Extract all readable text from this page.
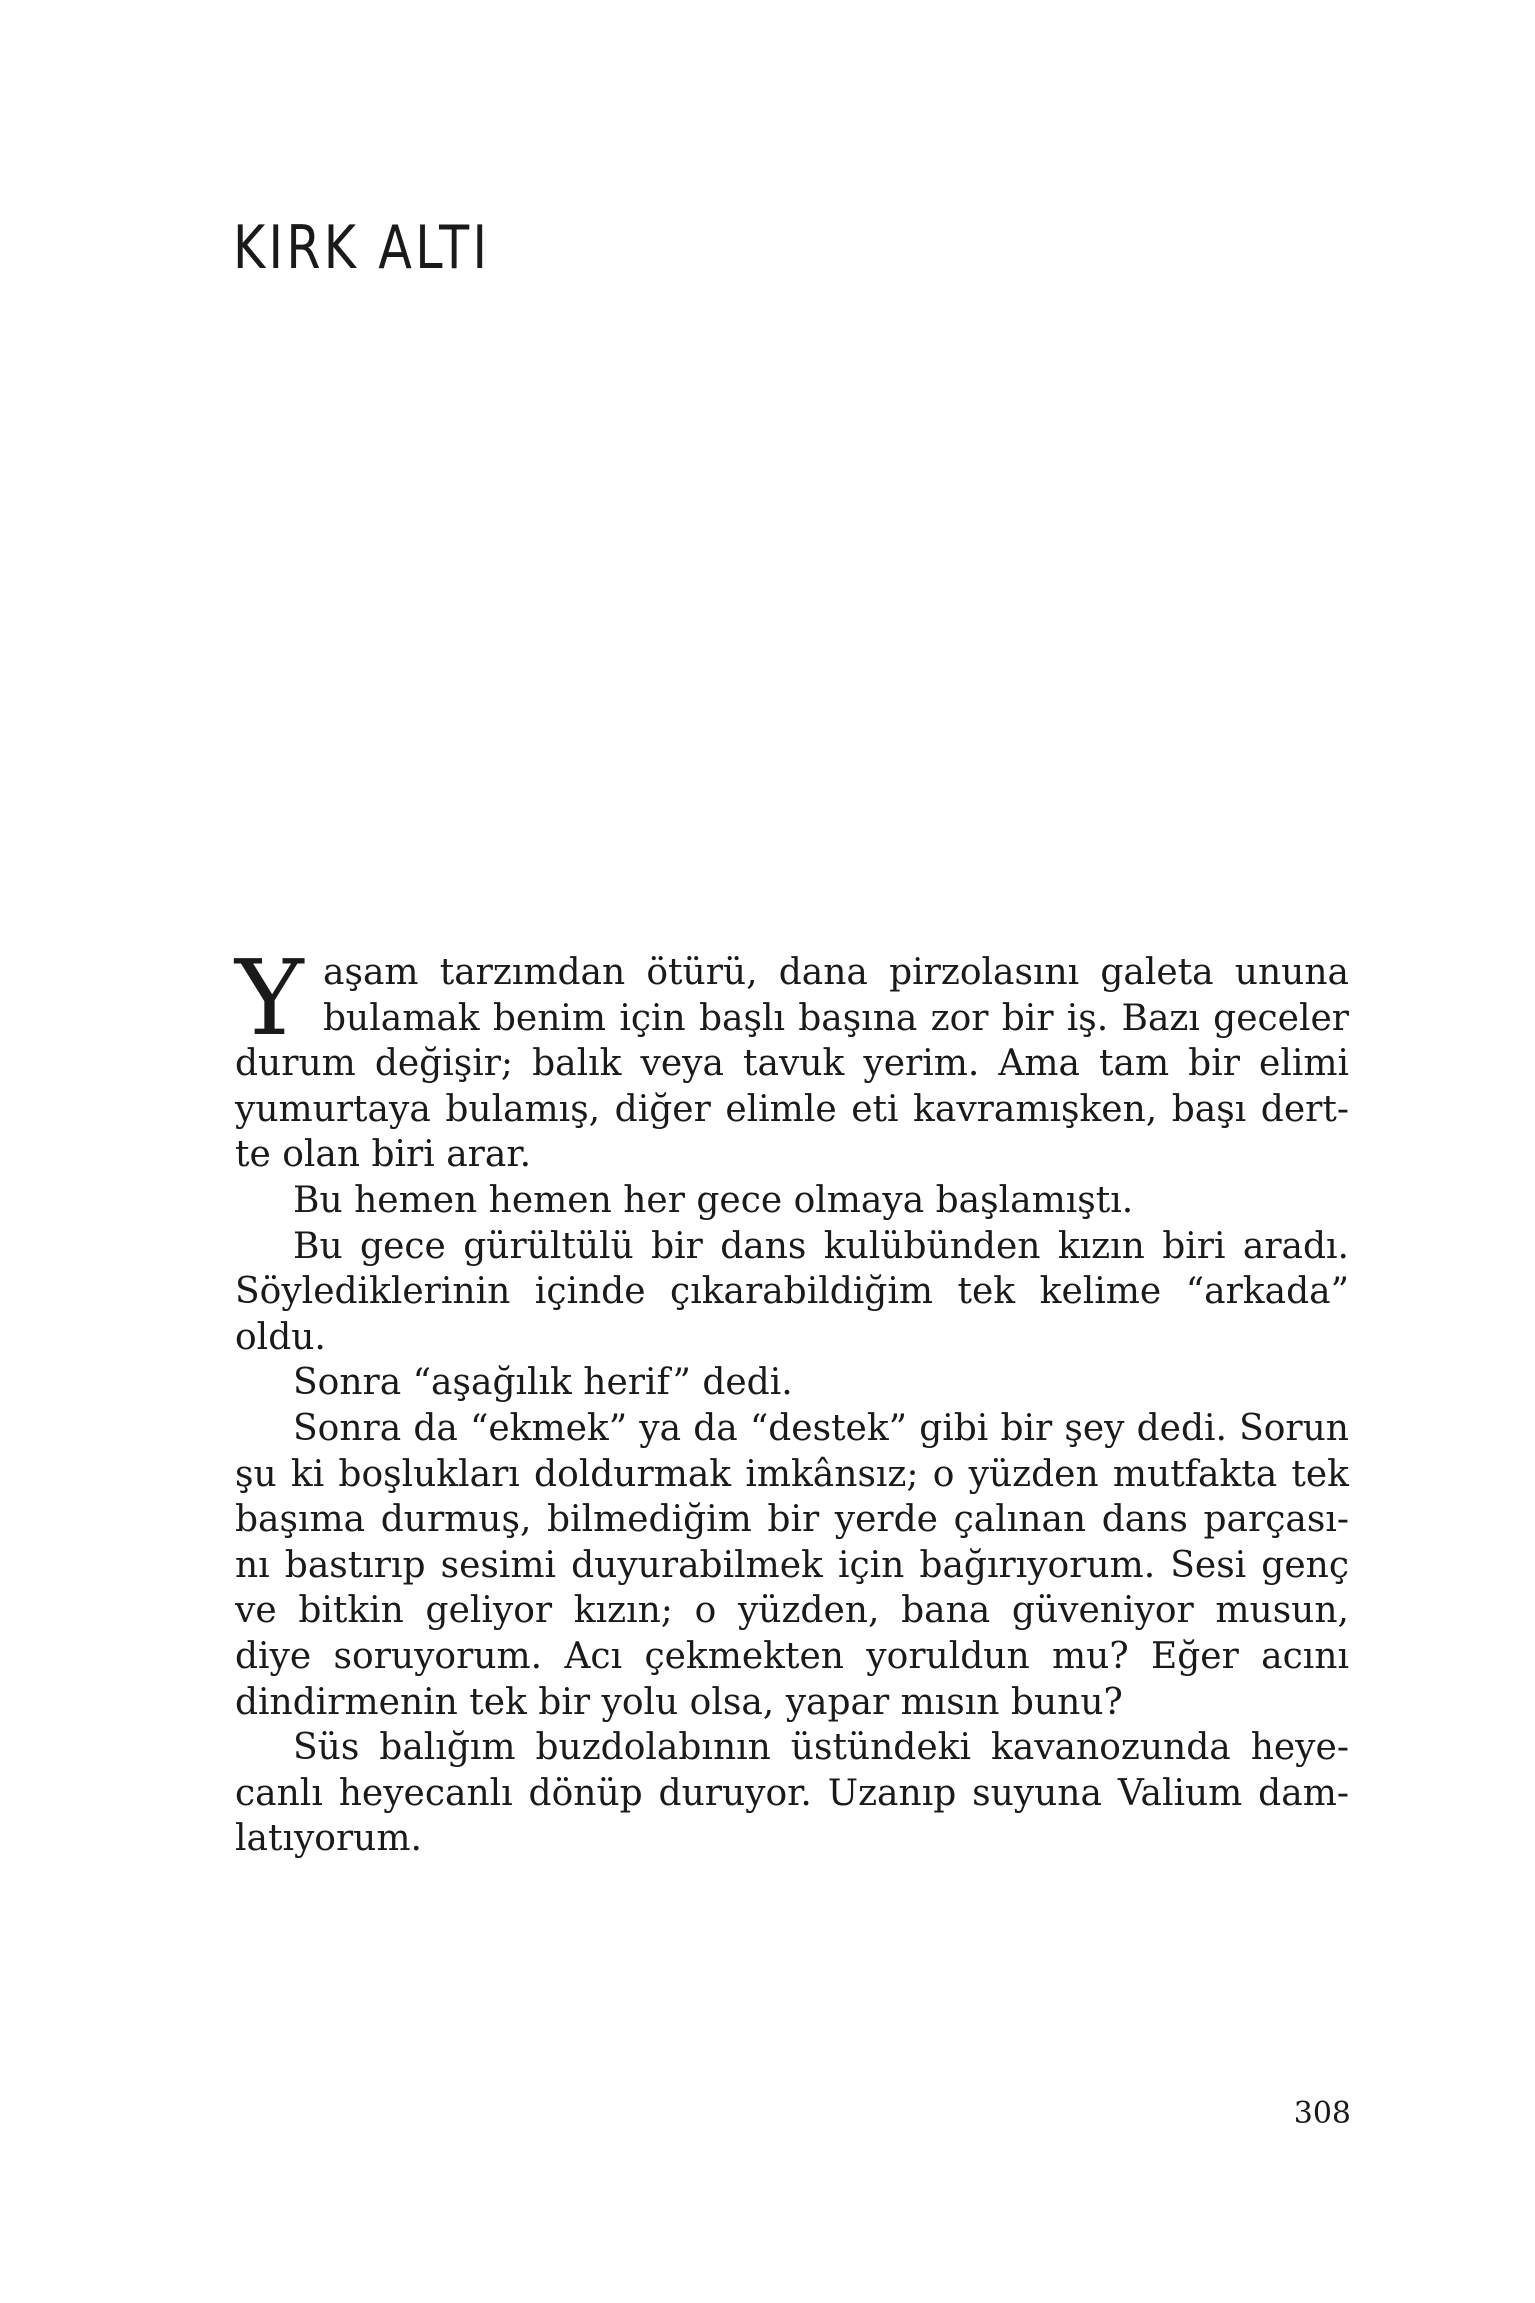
KIRK ALTI
Y aşam tarzımdan ötürü, dana pirzolasını galeta ununa
bulamak benim için başlı başına zor bir iş. Bazı geceler
durum değişir; balık veya tavuk yerim. Ama tam bir elimi
yumurtaya bulamış, diğer elimle eti kavramışken, başı dert-
te olan biri arar.
Bu hemen hemen her gece olmaya başlamıştı.
Bu gece gürültülü bir dans kulübünden kızın biri aradı.
Söylediklerinin içinde çıkarabildiğim tek kelime “arkada”
oldu.
Sonra “aşağılık herif” dedi.
Sonra da “ekmek” ya da “destek” gibi bir şey dedi. Sorun
şu ki boşlukları doldurmak imkânsız; o yüzden mutfakta tek
başıma durmuş, bilmediğim bir yerde çalınan dans parçası-
nı bastırıp sesimi duyurabilmek için bağırıyorum. Sesi genç
ve bitkin geliyor kızın; o yüzden, bana güveniyor musun,
diye soruyorum. Acı çekmekten yoruldun mu? Eğer acını
dindirmenin tek bir yolu olsa, yapar mısın bunu?
Süs balığım buzdolabının üstündeki kavanozunda heye-
canlı heyecanlı dönüp duruyor. Uzanıp suyuna Valium dam-
latıyorum.
308
